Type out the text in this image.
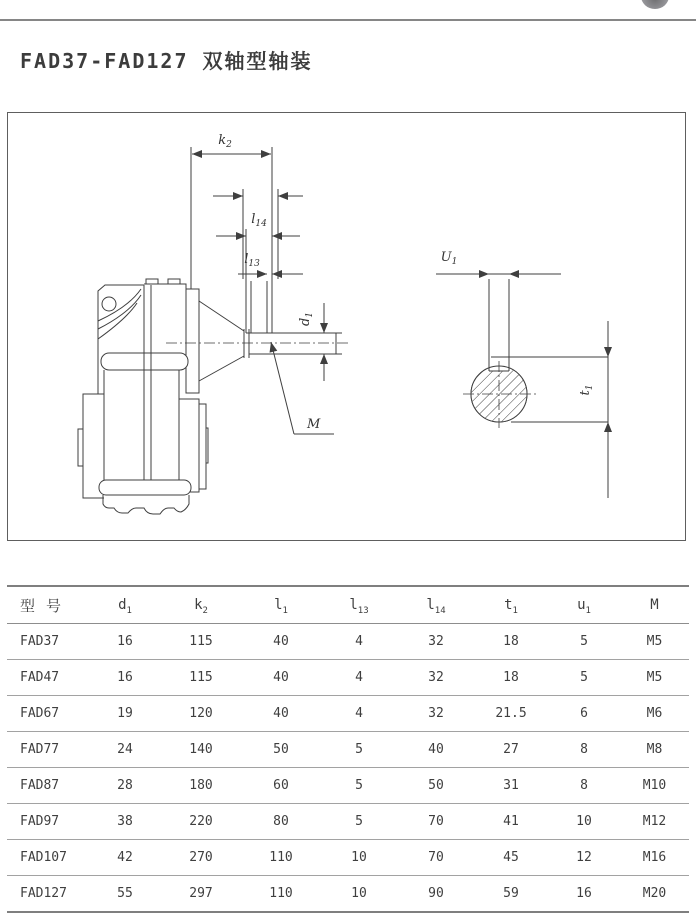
FAD37-FAD127 双轴型轴装
$k_2$
$l_{14}$
$l_{13}$
$d_1$
M
$U_1$
$t_1$
型 号	$d_1$	$k_2$	$l_1$	$l_{13}$	$l_{14}$	$t_1$	$u_1$	M
FAD37	16	115	40	4	32	18	5	M5
FAD47	16	115	40	4	32	18	5	M5
FAD67	19	120	40	4	32	21.5	6	M6
FAD77	24	140	50	5	40	27	8	M8
FAD87	28	180	60	5	50	31	8	M10
FAD97	38	220	80	5	70	41	10	M12
FAD107	42	270	110	10	70	45	12	M16
FAD127	55	297	110	10	90	59	16	M20
